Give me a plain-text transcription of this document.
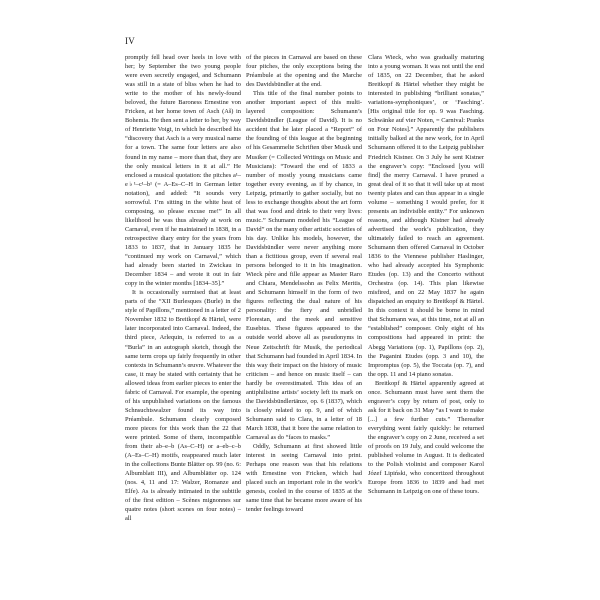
IV

promptly fell head over heels in love with her; by September the two young people were even secretly engaged, and Schumann was still in a state of bliss when he had to write to the mother of his newly-found beloved, the future Baroness Ernestine von Fricken, at her home town of Asch (Aš) in Bohemia. He then sent a letter to her, by way of Henriette Voigt, in which he described his “discovery that Asch is a very musical name for a town. The same four letters are also found in my name – more than that, they are the only musical letters in it at all.” He enclosed a musical quotation: the pitches a¹–e♭¹–c¹–b¹ (= A–Es–C–H in German letter notation), and added: “It sounds very sorrowful. I’m sitting in the white heat of composing, so please excuse me!” In all likelihood he was thus already at work on Carnaval, even if he maintained in 1838, in a retrospective diary entry for the years from 1833 to 1837, that in January 1835 he “continued my work on Carnaval,” which had already been started in Zwickau in December 1834 – and wrote it out in fair copy in the winter months [1834–35].”

It is occasionally surmised that at least parts of the “XII Burlesques (Burle) in the style of Papillons,” mentioned in a letter of 2 November 1832 to Breitkopf & Härtel, were later incorporated into Carnaval. Indeed, the third piece, Arlequin, is referred to as a “Burla” in an autograph sketch, though the same term crops up fairly frequently in other contexts in Schumann’s œuvre. Whatever the case, it may be stated with certainty that he allowed ideas from earlier pieces to enter the fabric of Carnaval. For example, the opening of his unpublished variations on the famous Schnsuchtswalzer found its way into Préambule. Schumann clearly composed more pieces for this work than the 22 that were printed. Some of them, incompatible from their ab–e–b (As–C–H) or a–eb–c–b (A–Es–C–H) motifs, reappeared much later in the collections Bunte Blätter op. 99 (no. 6: Albumblatt III), and Albumblätter op. 124 (nos. 4, 11 and 17: Walzer, Romanze and Elfe). As is already intimated in the subtitle of the first edition – Scènes mignonnes sur quatre notes (short scenes on four notes) – all

of the pieces in Carnaval are based on these four pitches, the only exceptions being the Préambule at the opening and the Marche des Davidsbündler at the end.

This title of the final number points to another important aspect of this multi-layered composition: Schumann’s Davidsbündler (League of David). It is no accident that he later placed a “Report” of the founding of this league at the beginning of his Gesammelte Schriften über Musik und Musiker (= Collected Writings on Music and Musicians): “Toward the end of 1833 a number of mostly young musicians came together every evening, as if by chance, in Leipzig, primarily to gather socially, but no less to exchange thoughts about the art form that was food and drink to their very lives: music.” Schumann modeled his “League of David” on the many other artistic societies of his day. Unlike his models, however, the Davidsbündler were never anything more than a fictitious group, even if several real persons belonged to it in his imagination. Wieck père and fille appear as Master Raro and Chiara, Mendelssohn as Felix Meritis, and Schumann himself in the form of two figures reflecting the dual nature of his personality: the fiery and unbridled Florestan, and the meek and sensitive Eusebius. These figures appeared to the outside world above all as pseudonyms in Neue Zeitschrift für Musik, the periodical that Schumann had founded in April 1834. In this way their impact on the history of music criticism – and hence on music itself – can hardly be overestimated. This idea of an antiphilistine artists’ society left its mark on the Davidsbündlertänze, op. 6 (1837), which is closely related to op. 9, and of which Schumann said to Clara, in a letter of 18 March 1838, that it bore the same relation to Carnaval as do “faces to masks.”

Oddly, Schumann at first showed little interest in seeing Carnaval into print. Perhaps one reason was that his relations with Ernestine von Fricken, which had placed such an important role in the work’s genesis, cooled in the course of 1835 at the same time that he became more aware of his tender feelings toward

Clara Wieck, who was gradually maturing into a young woman. It was not until the end of 1835, on 22 December, that he asked Breitkopf & Härtel whether they might be interested in publishing “brilliant sonatas,” variations-symphoniques’, or ‘Fasching’. [His original title for op. 9 was Fasching. Schwänke auf vier Noten, = Carnival: Pranks on Four Notes].” Apparently the publishers initially balked at the new work, for in April Schumann offered it to the Leipzig publisher Friedrich Kistner. On 3 July he sent Kistner the engraver’s copy: “Enclosed [you will find] the merry Carnaval. I have pruned a great deal of it so that it will take up at most twenty plates and can thus appear in a single volume – something I would prefer, for it presents an indivisible entity.” For unknown reasons, and although Kistner had already advertised the work’s publication, they ultimately failed to reach an agreement. Schumann then offered Carnaval in October 1836 to the Viennese publisher Haslinger, who had already accepted his Symphonic Etudes (op. 13) and the Concerto without Orchestra (op. 14). This plan likewise misfired, and on 22 May 1837 he again dispatched an enquiry to Breitkopf & Härtel. In this context it should be borne in mind that Schumann was, at this time, not at all an “established” composer. Only eight of his compositions had appeared in print: the Abegg Variations (op. 1), Papillons (op. 2), the Paganini Etudes (opp. 3 and 10), the Impromptus (op. 5), the Toccata (op. 7), and the opp. 11 and 14 piano sonatas.

Breitkopf & Härtel apparently agreed at once. Schumann must have sent them the engraver’s copy by return of post, only to ask for it back on 31 May “as I want to make [...] a few further cuts.” Thereafter everything went fairly quickly: he returned the engraver’s copy on 2 June, received a set of proofs on 19 July, and could welcome the published volume in August. It is dedicated to the Polish violinist and composer Karol Józef Lipiński, who concertized throughout Europe from 1836 to 1839 and had met Schumann in Leipzig on one of these tours.
